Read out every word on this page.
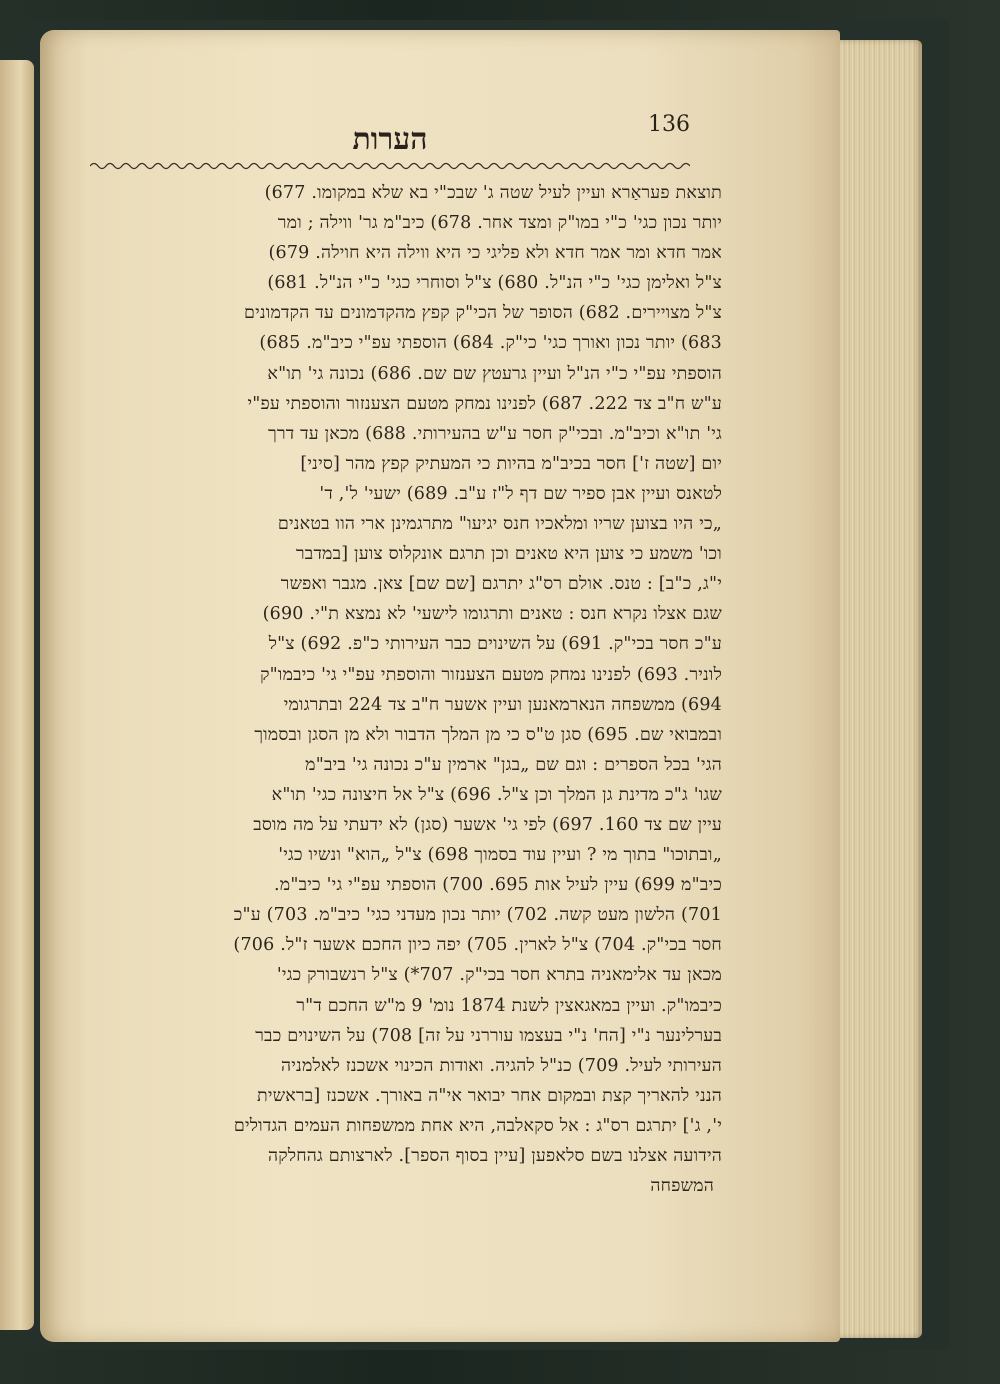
136
הערות
תוצאת פעראַרא ועיין לעיל שטה ג' שבכ"י בא שלא במקומו. 677)
יותר נכון כגי' כ"י במו"ק ומצד אחר. 678) כיב"מ גר' ווילה ; ומר
אמר חדא ומר אמר חדא ולא פליגי כי היא ווילה היא חוילה. 679)
צ"ל ואלימן כגי' כ"י הנ"ל. 680) צ"ל וסוחרי כגי' כ"י הנ"ל. 681)
צ"ל מצויירים. 682) הסופר של הכי"ק קפץ מהקדמונים עד הקדמונים
683) יותר נכון ואורך כגי' כי"ק. 684) הוספתי עפ"י כיב"מ. 685)
הוספתי עפ"י כ"י הנ"ל ועיין גרעטץ שם שם. 686) נכונה גי' תו"א
ע"ש ח"ב צד 222. 687) לפנינו נמחק מטעם הצענזור והוספתי עפ"י
גי' תו"א וכיב"מ. ובכי"ק חסר ע"ש בהעירותי. 688) מכאן עד דרך
יום [שטה ז'] חסר בכיב"מ בהיות כי המעתיק קפץ מהר [סיני]
לטאנס ועיין אבן ספיר שם דף ל"ז ע"ב. 689) ישעי' ל', ד'
„כי היו בצוען שריו ומלאכיו חנס יגיעו" מתרגמינן ארי הוו בטאנים
וכו' משמע כי צוען היא טאנים וכן תרגם אונקלוס צוען [במדבר
י"ג, כ"ב] : טנס. אולם רס"ג יתרגם [שם שם] צאן. מגבר ואפשר
שגם אצלו נקרא חנס : טאנים ותרגומו לישעי' לא נמצא ת"י. 690)
ע"כ חסר בכי"ק. 691) על השינוים כבר העירותי כ"פ. 692) צ"ל
לוניר. 693) לפנינו נמחק מטעם הצענזור והוספתי עפ"י גי' כיבמו"ק
694) ממשפחה הנארמאנען ועיין אשער ח"ב צד 224 ובתרגומי
ובמבואי שם. 695) סגן ט"ס כי מן המלך הדבור ולא מן הסגן ובסמוך
הגי' בכל הספרים : וגם שם „בגן" ארמין ע"כ נכונה גי' ביב"מ
שגו' ג"כ מדינת גן המלך וכן צ"ל. 696) צ"ל אל חיצונה כגי' תו"א
עיין שם צד 160. 697) לפי גי' אשער (סגן) לא ידעתי על מה מוסב
„ובתוכו" בתוך מי ? ועיין עוד בסמוך 698) צ"ל „הוא" ונשיו כגי'
כיב"מ 699) עיין לעיל אות 695. 700) הוספתי עפ"י גי' כיב"מ.
701) הלשון מעט קשה. 702) יותר נכון מעדני כגי' כיב"מ. 703) ע"כ
חסר בכי"ק. 704) צ"ל לארין. 705) יפה כיון החכם אשער ז"ל. 706)
מכאן עד אלימאניה בתרא חסר בכי"ק. 707*) צ"ל רנשבורק כגי'
כיבמו"ק. ועיין במאגאצין לשנת 1874 נומ' 9 מ"ש החכם ד"ר
בערלינער נ"י [הח' נ"י בעצמו עוררני על זה] 708) על השינוים כבר
העירותי לעיל. 709) כנ"ל להגיה. ואודות הכינוי אשכנז לאלמניה
הנני להאריך קצת ובמקום אחר יבואר אי"ה באורך. אשכנז [בראשית
י', ג'] יתרגם רס"ג : אל סקאלבה, היא אחת ממשפחות העמים הגדולים
הידועה אצלנו בשם סלאפען [עיין בסוף הספר]. לארצותם גהחלקה
המשפחה
